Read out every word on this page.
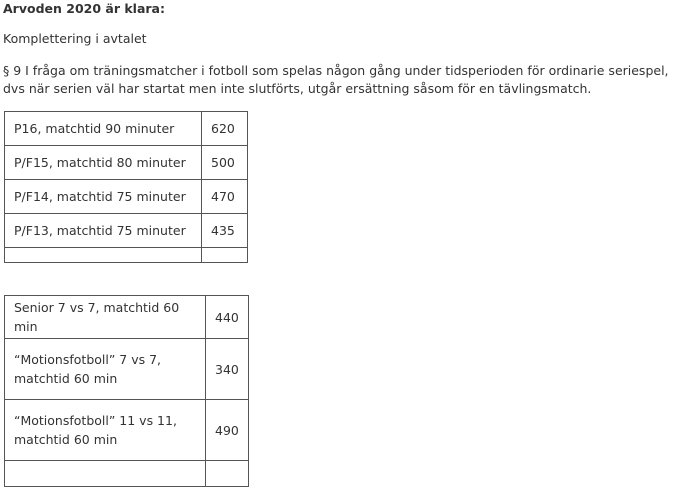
Arvoden 2020 är klara:
Komplettering i avtalet
§ 9 I fråga om träningsmatcher i fotboll som spelas någon gång under tidsperioden för ordinarie seriespel, dvs när serien väl har startat men inte slutförts, utgår ersättning såsom för en tävlingsmatch.
P16, matchtid 90 minuter	620
P/F15, matchtid 80 minuter	500
P/F14, matchtid 75 minuter	470
P/F13, matchtid 75 minuter	435

Senior 7 vs 7, matchtid 60 min	440
“Motionsfotboll” 7 vs 7, matchtid 60 min	340
“Motionsfotboll” 11 vs 11, matchtid 60 min	490
